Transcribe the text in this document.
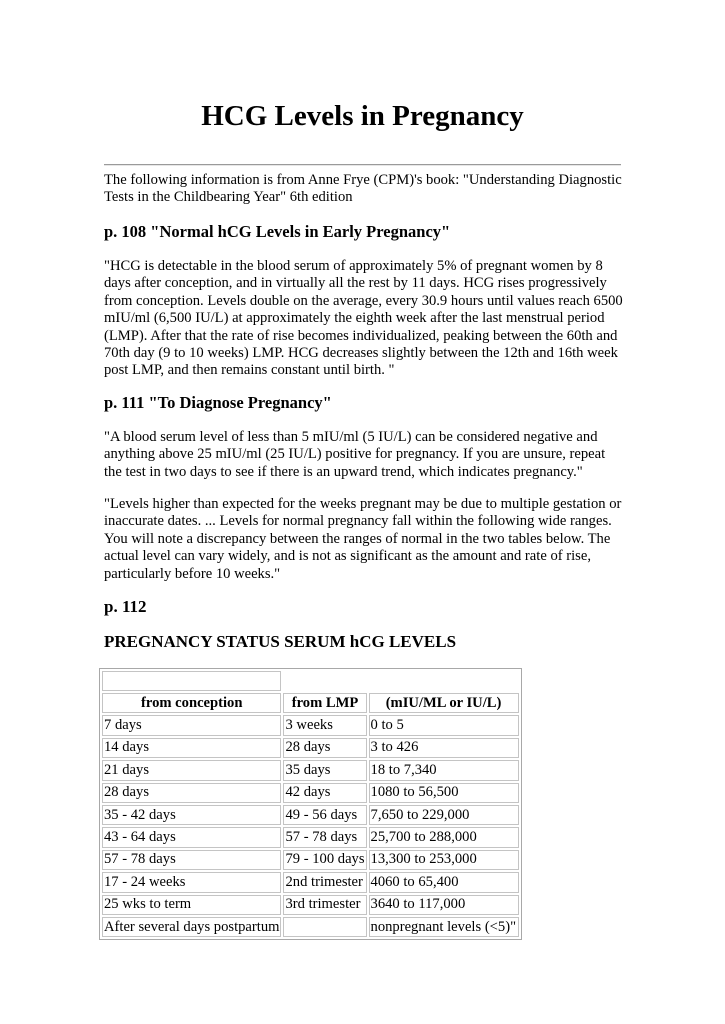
HCG Levels in Pregnancy

The following information is from Anne Frye (CPM)'s book: "Understanding Diagnostic Tests in the Childbearing Year" 6th edition

p. 108 "Normal hCG Levels in Early Pregnancy"

"HCG is detectable in the blood serum of approximately 5% of pregnant women by 8 days after conception, and in virtually all the rest by 11 days. HCG rises progressively from conception. Levels double on the average, every 30.9 hours until values reach 6500 mIU/ml (6,500 IU/L) at approximately the eighth week after the last menstrual period (LMP). After that the rate of rise becomes individualized, peaking between the 60th and 70th day (9 to 10 weeks) LMP. HCG decreases slightly between the 12th and 16th week post LMP, and then remains constant until birth. "

p. 111 "To Diagnose Pregnancy"

"A blood serum level of less than 5 mIU/ml (5 IU/L) can be considered negative and anything above 25 mIU/ml (25 IU/L) positive for pregnancy. If you are unsure, repeat the test in two days to see if there is an upward trend, which indicates pregnancy."

"Levels higher than expected for the weeks pregnant may be due to multiple gestation or inaccurate dates. ... Levels for normal pregnancy fall within the following wide ranges. You will note a discrepancy between the ranges of normal in the two tables below. The actual level can vary widely, and is not as significant as the amount and rate of rise, particularly before 10 weeks."

p. 112
PREGNANCY STATUS SERUM hCG LEVELS

from conception	from LMP	(mIU/ML or IU/L)
7 days	3 weeks	0 to 5
14 days	28 days	3 to 426
21 days	35 days	18 to 7,340
28 days	42 days	1080 to 56,500
35 - 42 days	49 - 56 days	7,650 to 229,000
43 - 64 days	57 - 78 days	25,700 to 288,000
57 - 78 days	79 - 100 days	13,300 to 253,000
17 - 24 weeks	2nd trimester	4060 to 65,400
25 wks to term	3rd trimester	3640 to 117,000
After several days postpartum		nonpregnant levels (<5)"
